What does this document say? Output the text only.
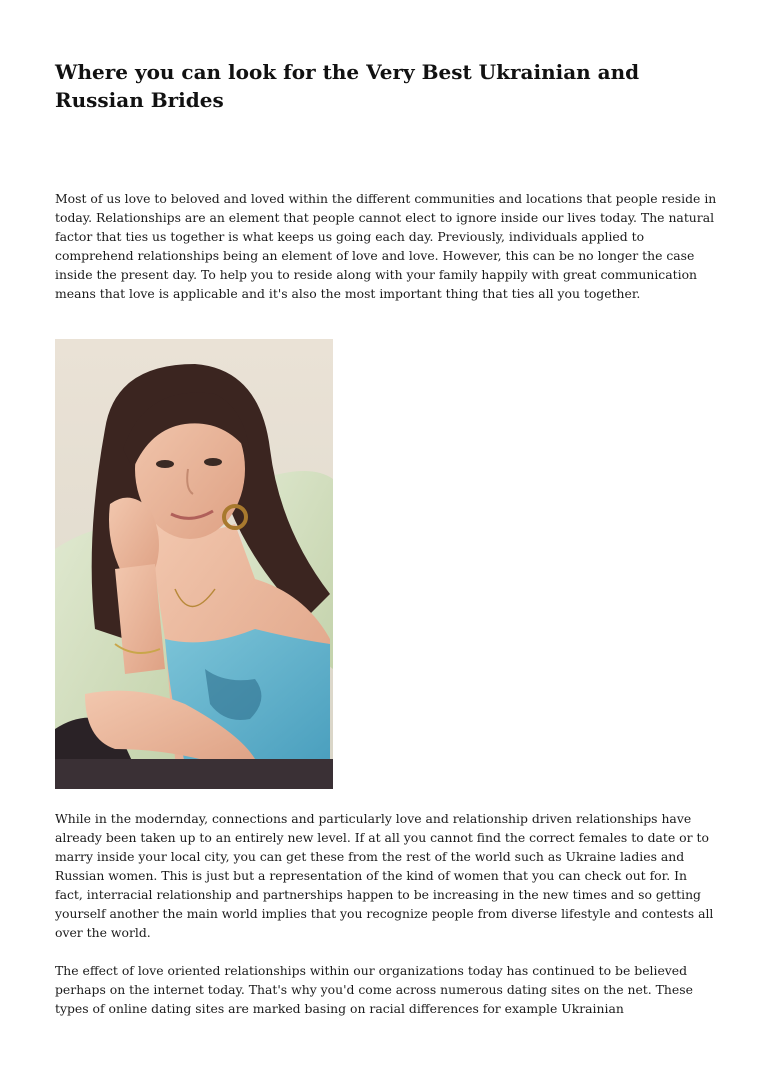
Where you can look for the Very Best Ukrainian and Russian Brides

Most of us love to beloved and loved within the different communities and locations that people reside in today. Relationships are an element that people cannot elect to ignore inside our lives today. The natural factor that ties us together is what keeps us going each day. Previously, individuals applied to comprehend relationships being an element of love and love. However, this can be no longer the case inside the present day. To help you to reside along with your family happily with great communication means that love is applicable and it's also the most important thing that ties all you together.

While in the modernday, connections and particularly love and relationship driven relationships have already been taken up to an entirely new level. If at all you cannot find the correct females to date or to marry inside your local city, you can get these from the rest of the world such as Ukraine ladies and Russian women. This is just but a representation of the kind of women that you can check out for. In fact, interracial relationship and partnerships happen to be increasing in the new times and so getting yourself another the main world implies that you recognize people from diverse lifestyle and contests all over the world.

The effect of love oriented relationships within our organizations today has continued to be believed perhaps on the internet today. That's why you'd come across numerous dating sites on the net. These types of online dating sites are marked basing on racial differences for example Ukrainian
